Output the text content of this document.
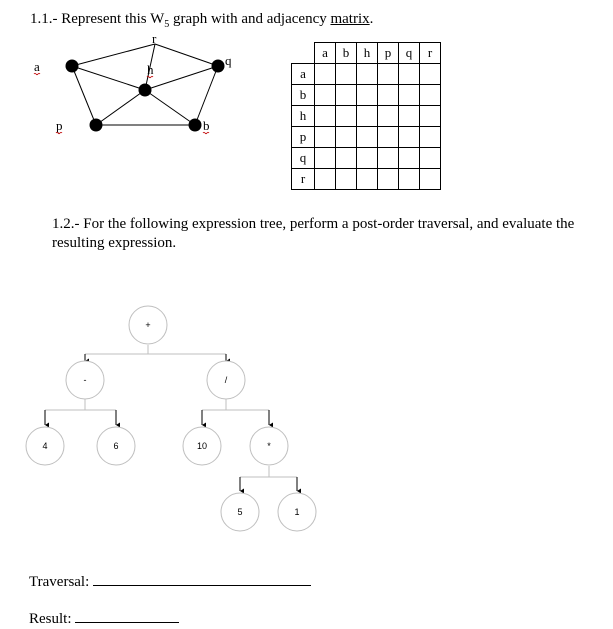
1.1.- Represent this $W_5$ graph with and adjacency matrix.
a
r
q
h
p	b
	a	b	h	p	q	r
a						
b						
h						
p						
q						
r						
1.2.- For the following expression tree, perform a post-order traversal, and evaluate the resulting expression.
+
-	/
4	6	10	*
5	1
Traversal:
Result:
